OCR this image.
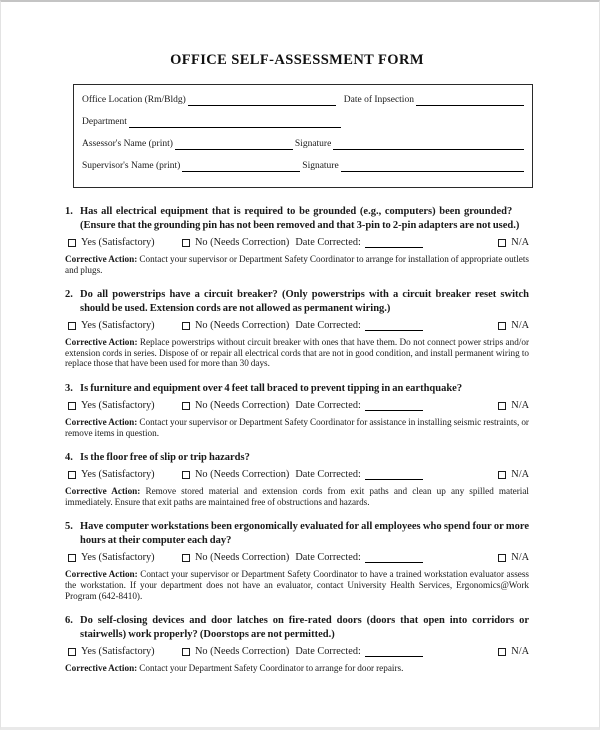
OFFICE SELF-ASSESSMENT FORM
Office Location (Rm/Bldg)	Date of Inpsection
Department
Assessor's Name (print)	Signature
Supervisor's Name (print)	Signature
1. Has all electrical equipment that is required to be grounded (e.g., computers) been grounded?      (Ensure that the grounding pin has not been removed and that 3-pin to 2-pin adapters are not used.)
Yes (Satisfactory)	No (Needs Correction) Date Corrected:	N/A
Corrective Action: Contact your supervisor or Department Safety Coordinator to arrange for installation of appropriate outlets and plugs.
2. Do all powerstrips have a circuit breaker? (Only powerstrips with a circuit breaker reset switch should be used. Extension cords are not allowed as permanent wiring.)
Yes (Satisfactory)	No (Needs Correction) Date Corrected:	N/A
Corrective Action: Replace powerstrips without circuit breaker with ones that have them. Do not connect power strips and/or extension cords in series. Dispose of or repair all electrical cords that are not in good condition, and install permanent wiring to replace those that have been used for more than 30 days.
3. Is furniture and equipment over 4 feet tall braced to prevent tipping in an earthquake?
Yes (Satisfactory)	No (Needs Correction) Date Corrected:	N/A
Corrective Action: Contact your supervisor or Department Safety Coordinator for assistance in installing seismic restraints, or remove items in question.
4. Is the floor free of slip or trip hazards?
Yes (Satisfactory)	No (Needs Correction) Date Corrected:	N/A
Corrective Action: Remove stored material and extension cords from exit paths and clean up any spilled material immediately. Ensure that exit paths are maintained free of obstructions and hazards.
5. Have computer workstations been ergonomically evaluated for all employees who spend four or more hours at their computer each day?
Yes (Satisfactory)	No (Needs Correction) Date Corrected:	N/A
Corrective Action: Contact your supervisor or Department Safety Coordinator to have a trained workstation evaluator assess the workstation. If your department does not have an evaluator, contact University Health Services, Ergonomics@Work Program (642-8410).
6. Do self-closing devices and door latches on fire-rated doors (doors that open into corridors or stairwells) work properly? (Doorstops are not permitted.)
Yes (Satisfactory)	No (Needs Correction) Date Corrected:	N/A
Corrective Action: Contact your Department Safety Coordinator to arrange for door repairs.
